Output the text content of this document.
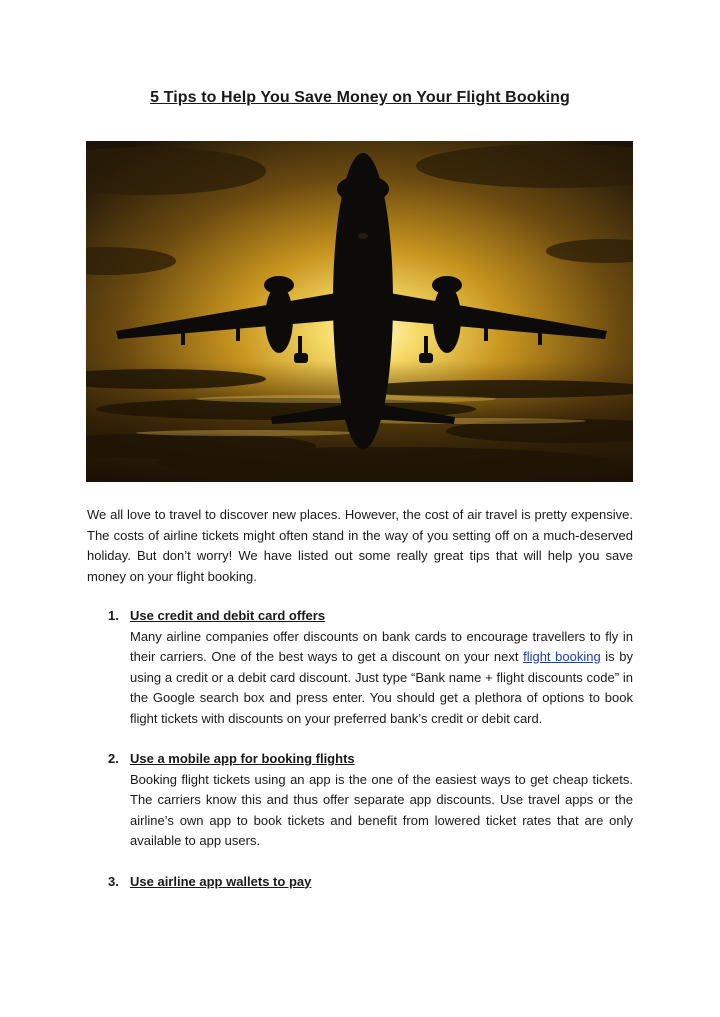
5 Tips to Help You Save Money on Your Flight Booking

We all love to travel to discover new places. However, the cost of air travel is pretty expensive. The costs of airline tickets might often stand in the way of you setting off on a much-deserved holiday. But don’t worry! We have listed out some really great tips that will help you save money on your flight booking.

1. Use credit and debit card offers

Many airline companies offer discounts on bank cards to encourage travellers to fly in their carriers. One of the best ways to get a discount on your next flight booking is by using a credit or a debit card discount. Just type “Bank name + flight discounts code” in the Google search box and press enter. You should get a plethora of options to book flight tickets with discounts on your preferred bank’s credit or debit card.

2. Use a mobile app for booking flights

Booking flight tickets using an app is the one of the easiest ways to get cheap tickets. The carriers know this and thus offer separate app discounts. Use travel apps or the airline’s own app to book tickets and benefit from lowered ticket rates that are only available to app users.

3. Use airline app wallets to pay
